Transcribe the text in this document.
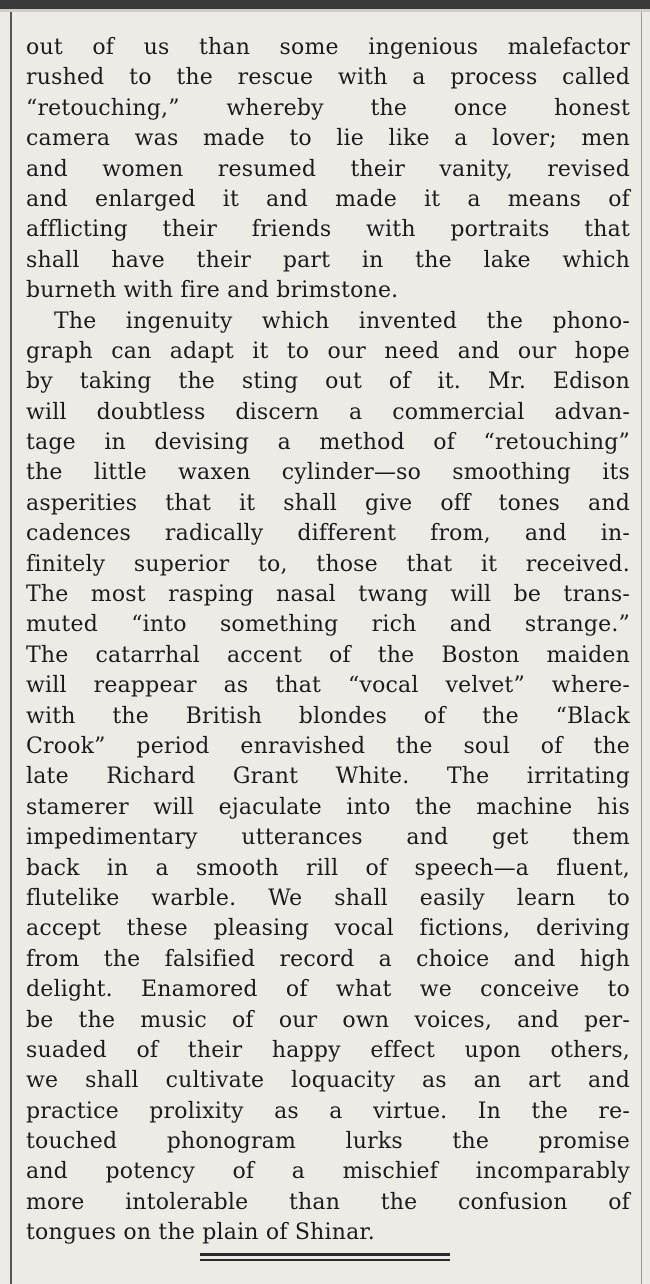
out of us than some ingenious malefactor
rushed to the rescue with a process called
“retouching,” whereby the once honest
camera was made to lie like a lover; men
and women resumed their vanity, revised
and enlarged it and made it a means of
afflicting their friends with portraits that
shall have their part in the lake which
burneth with fire and brimstone.
The ingenuity which invented the phono-
graph can adapt it to our need and our hope
by taking the sting out of it. Mr. Edison
will doubtless discern a commercial advan-
tage in devising a method of “retouching”
the little waxen cylinder—so smoothing its
asperities that it shall give off tones and
cadences radically different from, and in-
finitely superior to, those that it received.
The most rasping nasal twang will be trans-
muted “into something rich and strange.”
The catarrhal accent of the Boston maiden
will reappear as that “vocal velvet” where-
with the British blondes of the “Black
Crook” period enravished the soul of the
late Richard Grant White. The irritating
stamerer will ejaculate into the machine his
impedimentary utterances and get them
back in a smooth rill of speech—a fluent,
flutelike warble. We shall easily learn to
accept these pleasing vocal fictions, deriving
from the falsified record a choice and high
delight. Enamored of what we conceive to
be the music of our own voices, and per-
suaded of their happy effect upon others,
we shall cultivate loquacity as an art and
practice prolixity as a virtue. In the re-
touched phonogram lurks the promise
and potency of a mischief incomparably
more intolerable than the confusion of
tongues on the plain of Shinar.
